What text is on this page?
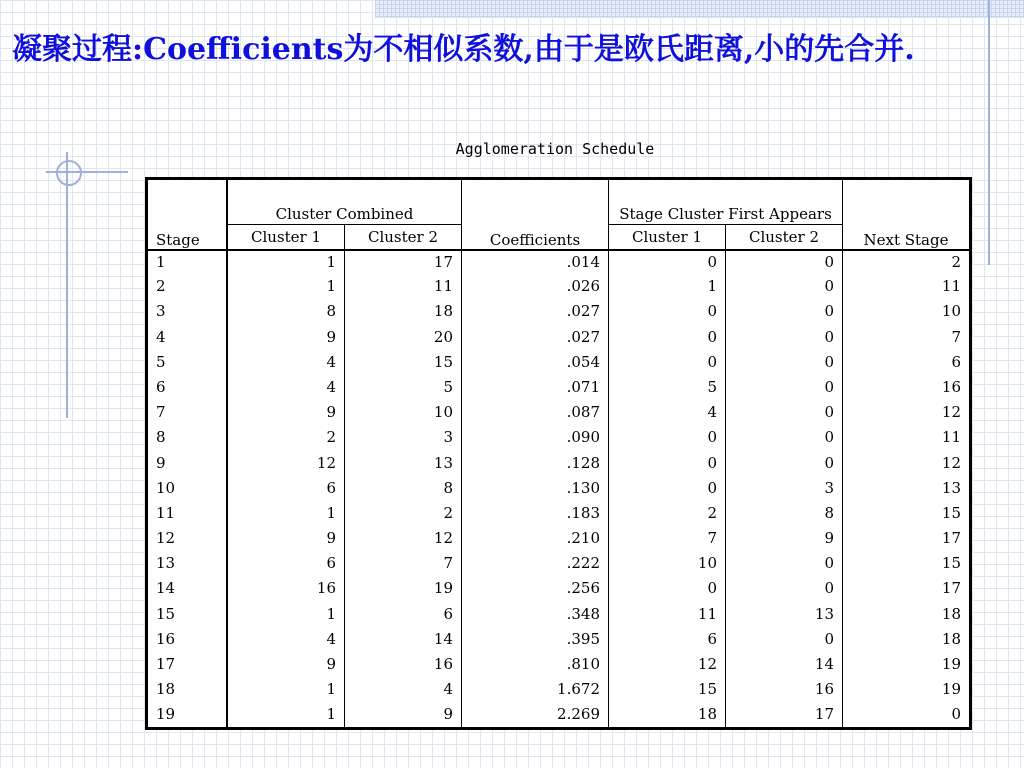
凝聚过程:Coefficients为不相似系数,由于是欧氏距离,小的先合并.
Agglomeration Schedule
Stage	Cluster Combined		Coefficients	Stage Cluster First Appears		Next Stage
	Cluster 1	Cluster 2		Cluster 1	Cluster 2	
1	1	17	.014	0	0	2
2	1	11	.026	1	0	11
3	8	18	.027	0	0	10
4	9	20	.027	0	0	7
5	4	15	.054	0	0	6
6	4	5	.071	5	0	16
7	9	10	.087	4	0	12
8	2	3	.090	0	0	11
9	12	13	.128	0	0	12
10	6	8	.130	0	3	13
11	1	2	.183	2	8	15
12	9	12	.210	7	9	17
13	6	7	.222	10	0	15
14	16	19	.256	0	0	17
15	1	6	.348	11	13	18
16	4	14	.395	6	0	18
17	9	16	.810	12	14	19
18	1	4	1.672	15	16	19
19	1	9	2.269	18	17	0
